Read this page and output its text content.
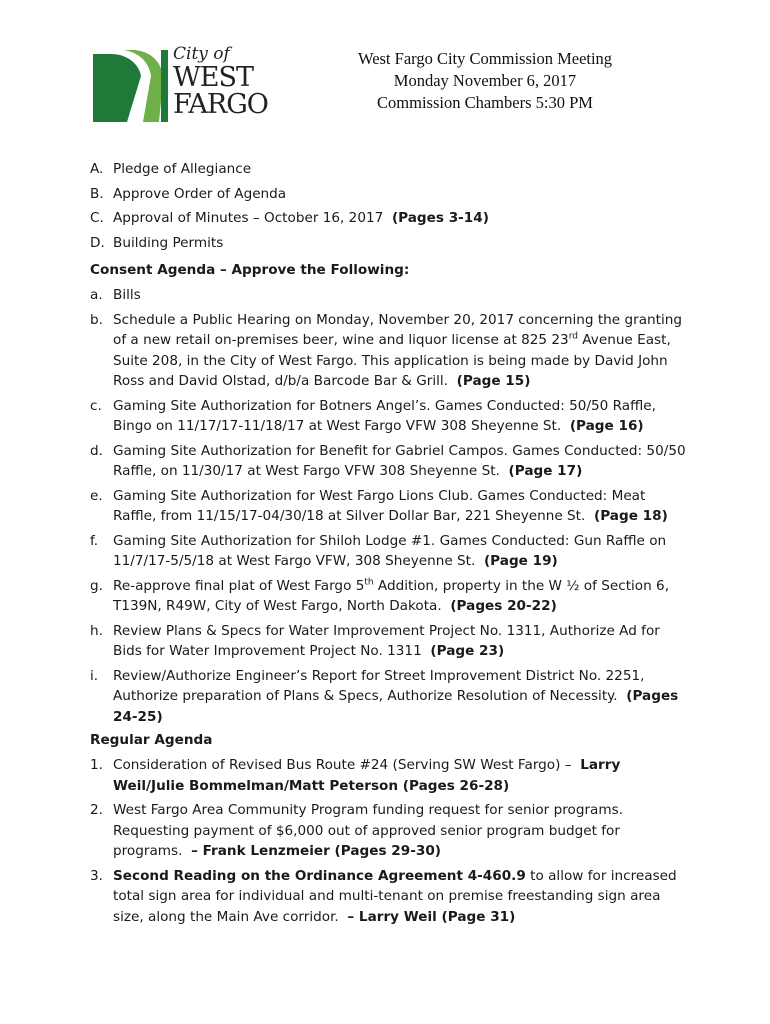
City of
WEST
FARGO
West Fargo City Commission Meeting
Monday November 6, 2017
Commission Chambers 5:30 PM
A. Pledge of Allegiance
B. Approve Order of Agenda
C. Approval of Minutes – October 16, 2017 (Pages 3-14)
D. Building Permits
Consent Agenda – Approve the Following:
a. Bills
b. Schedule a Public Hearing on Monday, November 20, 2017 concerning the granting of a new retail on-premises beer, wine and liquor license at 825 23rd Avenue East, Suite 208, in the City of West Fargo. This application is being made by David John Ross and David Olstad, d/b/a Barcode Bar & Grill. (Page 15)
c. Gaming Site Authorization for Botners Angel’s. Games Conducted: 50/50 Raffle, Bingo on 11/17/17-11/18/17 at West Fargo VFW 308 Sheyenne St. (Page 16)
d. Gaming Site Authorization for Benefit for Gabriel Campos. Games Conducted: 50/50 Raffle, on 11/30/17 at West Fargo VFW 308 Sheyenne St. (Page 17)
e. Gaming Site Authorization for West Fargo Lions Club. Games Conducted: Meat Raffle, from 11/15/17-04/30/18 at Silver Dollar Bar, 221 Sheyenne St. (Page 18)
f.	Gaming Site Authorization for Shiloh Lodge #1. Games Conducted: Gun Raffle on 11/7/17-5/5/18 at West Fargo VFW, 308 Sheyenne St. (Page 19)
g. Re-approve final plat of West Fargo 5th Addition, property in the W ½ of Section 6, T139N, R49W, City of West Fargo, North Dakota. (Pages 20-22)
h. Review Plans & Specs for Water Improvement Project No. 1311, Authorize Ad for Bids for Water Improvement Project No. 1311 (Page 23)
i.	Review/Authorize Engineer’s Report for Street Improvement District No. 2251, Authorize preparation of Plans & Specs, Authorize Resolution of Necessity. (Pages 24-25)
Regular Agenda
1. Consideration of Revised Bus Route #24 (Serving SW West Fargo) – Larry Weil/Julie Bommelman/Matt Peterson (Pages 26-28)
2. West Fargo Area Community Program funding request for senior programs. Requesting payment of $6,000 out of approved senior program budget for programs. – Frank Lenzmeier (Pages 29-30)
3. Second Reading on the Ordinance Agreement 4-460.9 to allow for increased total sign area for individual and multi-tenant on premise freestanding sign area size, along the Main Ave corridor. – Larry Weil (Page 31)
